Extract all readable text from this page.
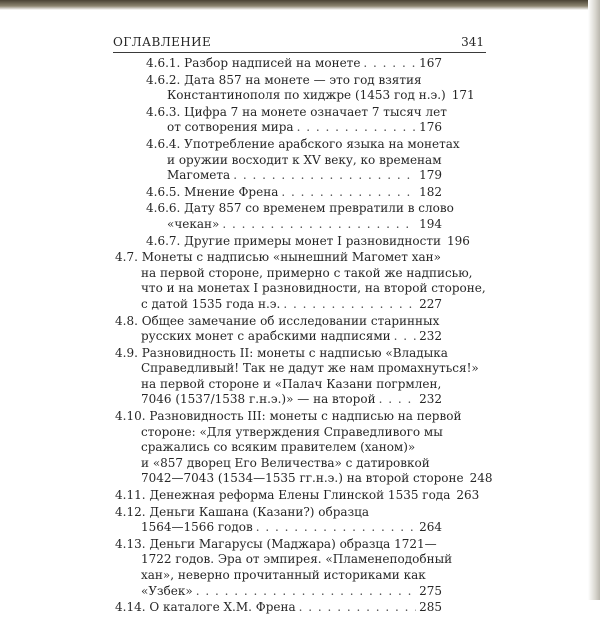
ОГЛАВЛЕНИЕ	341
4.6.1. Разбор надписей на монете . . .	167
4.6.2. Дата 857 на монете — это год взятия
Константинополя по хиджре (1453 год н.э.) 171
4.6.3. Цифра 7 на монете означает 7 тысяч лет
от сотворения мира . . .	176
4.6.4. Употребление арабского языка на монетах
и оружии восходит к XV веку, ко временам
Магомета . . .	179
4.6.5. Мнение Френа . . .	182
4.6.6. Дату 857 со временем превратили в слово
«чекан» . . .	194
4.6.7. Другие примеры монет I разновидности 196
4.7. Монеты с надписью «нынешний Магомет хан»
на первой стороне, примерно с такой же надписью,
что и на монетах I разновидности, на второй стороне,
с датой 1535 года н.э. . . .	227
4.8. Общее замечание об исследовании старинных
русских монет с арабскими надписями . . . 232
4.9. Разновидность II: монеты с надписью «Владыка
Справедливый! Так не дадут же нам промахнуться!»
на первой стороне и «Палач Казани погрмлен,
7046 (1537/1538 г.н.э.)» — на второй . . .	232
4.10. Разновидность III: монеты с надписью на первой
стороне: «Для утверждения Справедливого мы
сражались со всяким правителем (ханом)»
и «857 дворец Его Величества» с датировкой
7042—7043 (1534—1535 гг.н.э.) на второй стороне 248
4.11. Денежная реформа Елены Глинской 1535 года 263
4.12. Деньги Кашана (Казани?) образца
1564—1566 годов . . .	264
4.13. Деньги Магарусы (Маджара) образца 1721—
1722 годов. Эра от эмпирея. «Пламенеподобный
хан», неверно прочитанный историками как
«Узбек» . . .	275
4.14. О каталоге Х.М. Френа . . .	285
